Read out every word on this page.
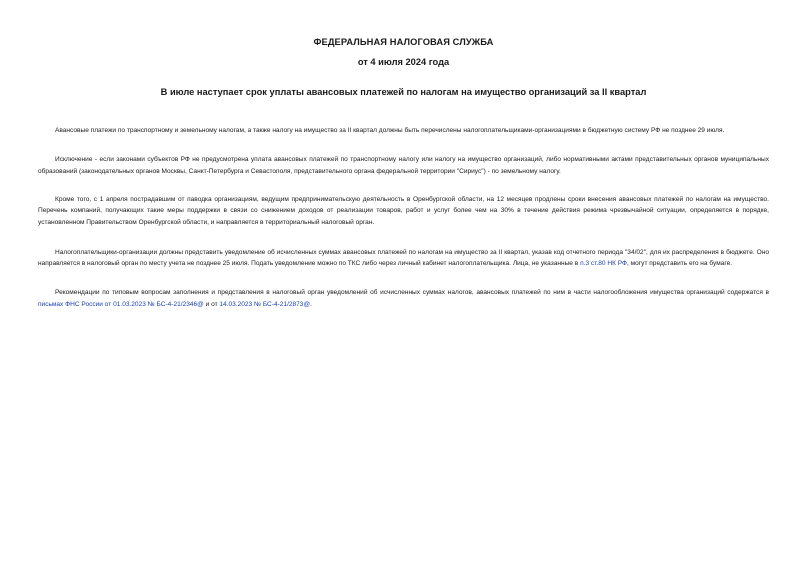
ФЕДЕРАЛЬНАЯ НАЛОГОВАЯ СЛУЖБА
от 4 июля 2024 года
В июле наступает срок уплаты авансовых платежей по налогам на имущество организаций за II квартал

Авансовые платежи по транспортному и земельному налогам, а также налогу на имущество за II квартал должны быть перечислены налогоплательщиками-организациями в бюджетную систему РФ не позднее 29 июля.

Исключение - если законами субъектов РФ не предусмотрена уплата авансовых платежей по транспортному налогу или налогу на имущество организаций, либо нормативными актами представительных органов муниципальных образований (законодательных органов Москвы, Санкт-Петербурга и Севастополя, представительного органа федеральной территории "Сириус") - по земельному налогу.

Кроме того, с 1 апреля пострадавшим от паводка организациям, ведущим предпринимательскую деятельность в Оренбургской области, на 12 месяцев продлены сроки внесения авансовых платежей по налогам на имущество. Перечень компаний, получающих такие меры поддержки в связи со снижением доходов от реализации товаров, работ и услуг более чем на 30% в течение действия режима чрезвычайной ситуации, определяется в порядке, установленном Правительством Оренбургской области, и направляется в территориальный налоговый орган.

Налогоплательщики-организации должны представить уведомление об исчисленных суммах авансовых платежей по налогам на имущество за II квартал, указав код отчетного периода "34/02", для их распределения в бюджете. Оно направляется в налоговый орган по месту учета не позднее 25 июля. Подать уведомление можно по ТКС либо через личный кабинет налогоплательщика. Лица, не указанные в п.3 ст.80 НК РФ, могут представить его на бумаге.

Рекомендации по типовым вопросам заполнения и представления в налоговый орган уведомлений об исчисленных суммах налогов, авансовых платежей по ним в части налогообложения имущества организаций содержатся в письмах ФНС России от 01.03.2023 № БС-4-21/2346@ и от 14.03.2023 № БС-4-21/2873@.
